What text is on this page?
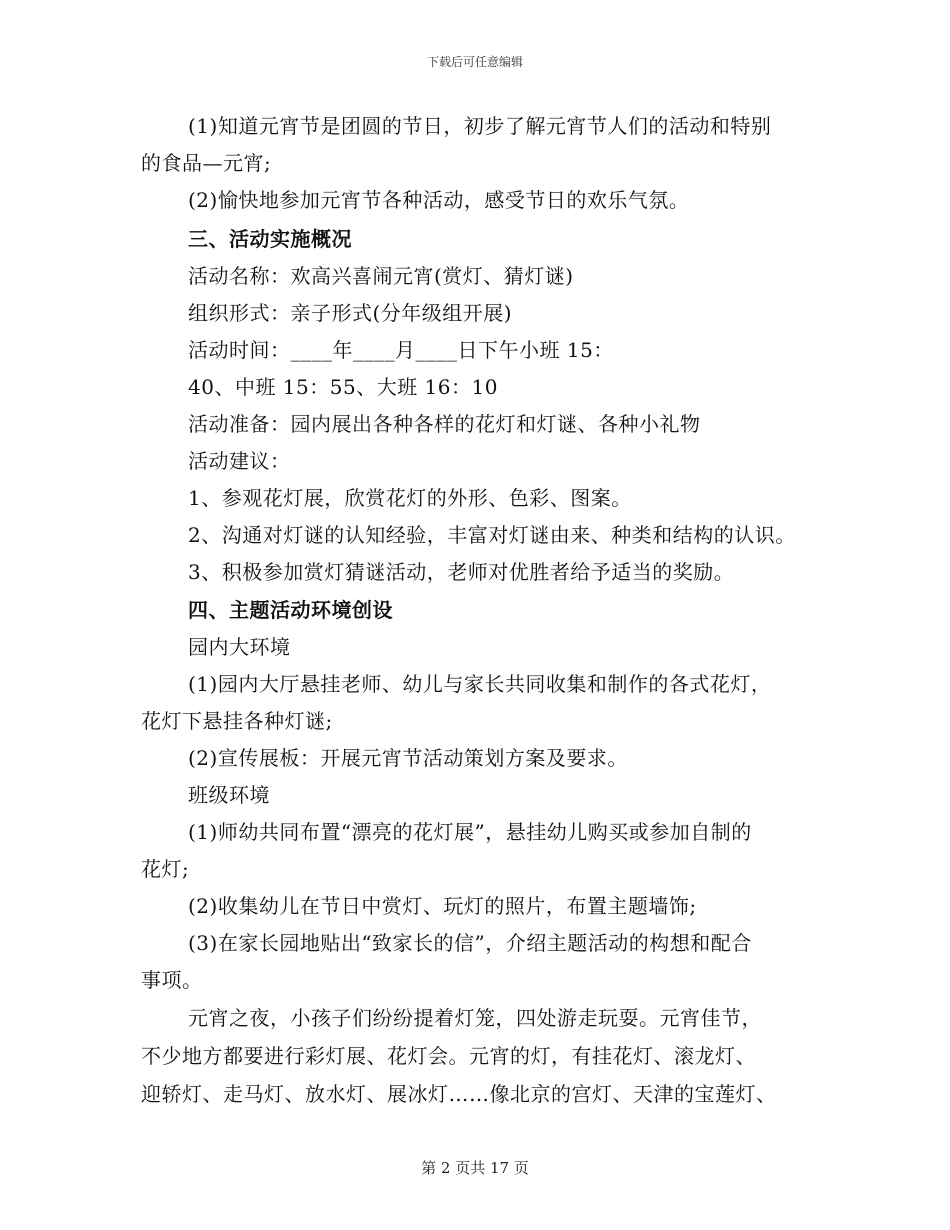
下载后可任意编辑
(1)知道元宵节是团圆的节日，初步了解元宵节人们的活动和特别
的食品—元宵;
(2)愉快地参加元宵节各种活动，感受节日的欢乐气氛。
三、活动实施概况
活动名称：欢高兴喜闹元宵(赏灯、猜灯谜)
组织形式：亲子形式(分年级组开展)
活动时间：____年____月____日下午小班 15：
40、中班 15：55、大班 16：10
活动准备：园内展出各种各样的花灯和灯谜、各种小礼物
活动建议：
1、参观花灯展，欣赏花灯的外形、色彩、图案。
2、沟通对灯谜的认知经验，丰富对灯谜由来、种类和结构的认识。
3、积极参加赏灯猜谜活动，老师对优胜者给予适当的奖励。
四、主题活动环境创设
园内大环境
(1)园内大厅悬挂老师、幼儿与家长共同收集和制作的各式花灯，
花灯下悬挂各种灯谜;
(2)宣传展板：开展元宵节活动策划方案及要求。
班级环境
(1)师幼共同布置“漂亮的花灯展”，悬挂幼儿购买或参加自制的
花灯;
(2)收集幼儿在节日中赏灯、玩灯的照片，布置主题墙饰;
(3)在家长园地贴出“致家长的信”，介绍主题活动的构想和配合
事项。
元宵之夜，小孩子们纷纷提着灯笼，四处游走玩耍。元宵佳节，
不少地方都要进行彩灯展、花灯会。元宵的灯，有挂花灯、滚龙灯、
迎轿灯、走马灯、放水灯、展冰灯……像北京的宫灯、天津的宝莲灯、
第 2 页共 17 页
